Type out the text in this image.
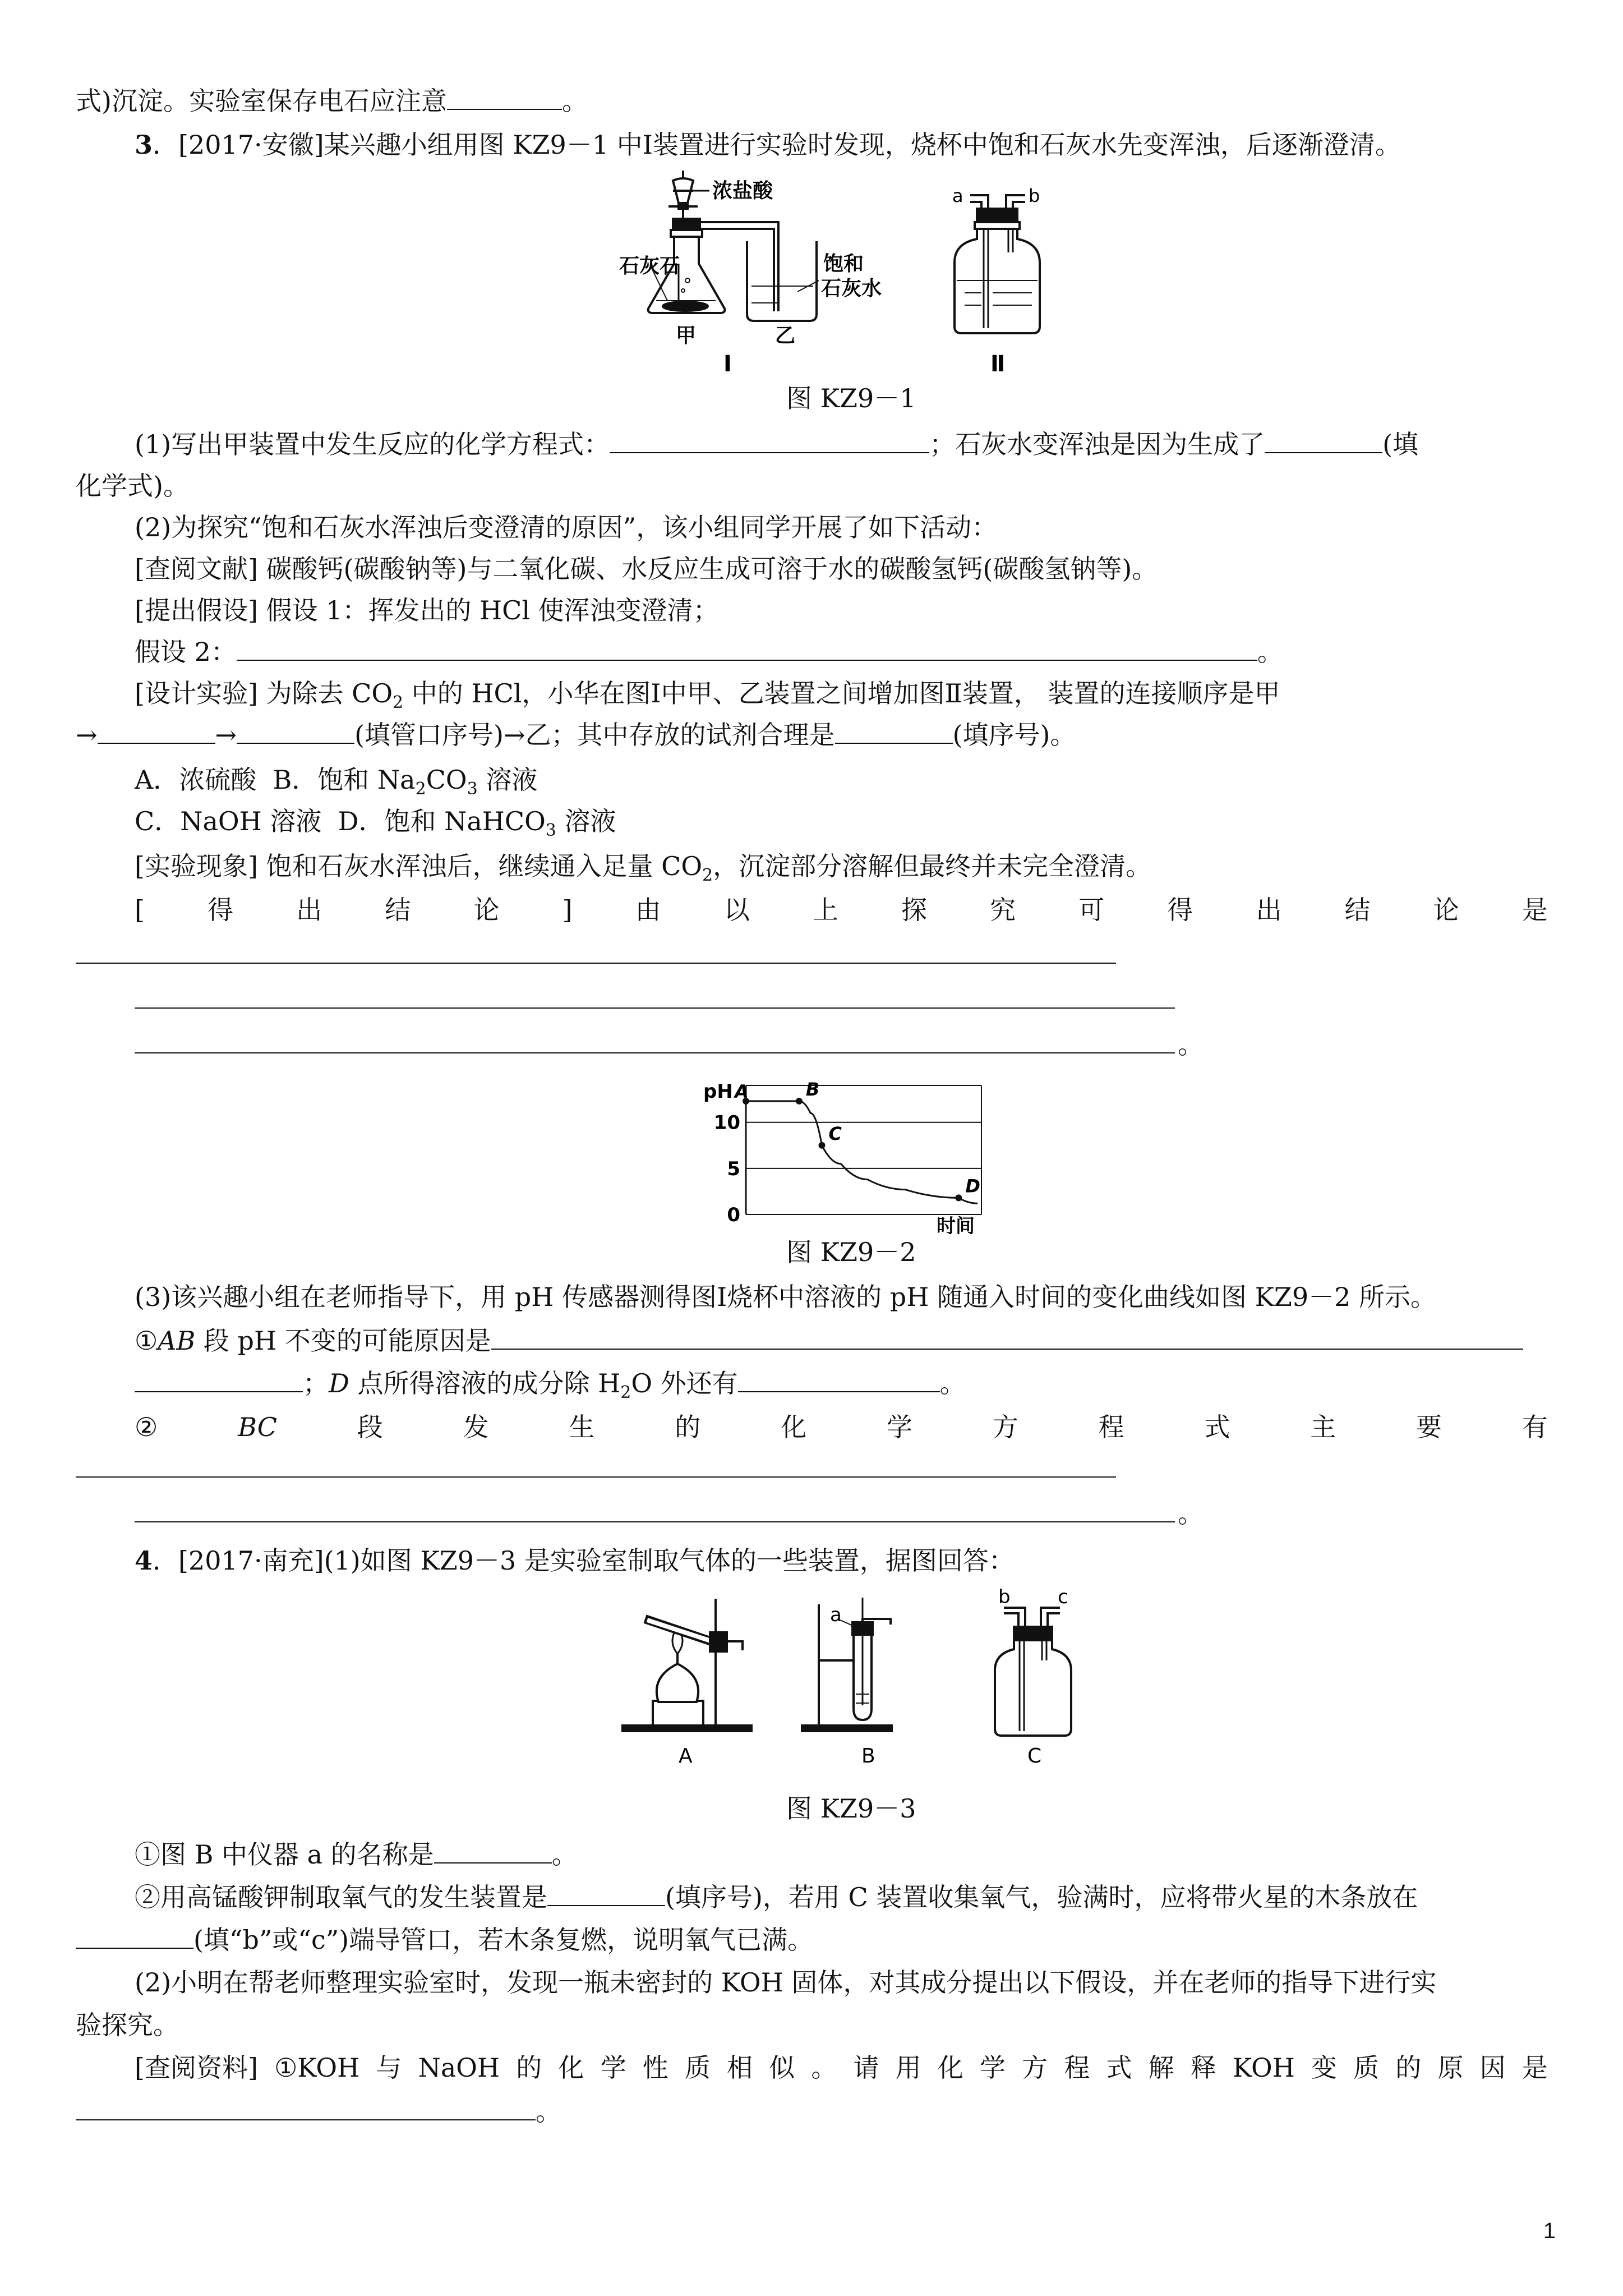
式)沉淀。实验室保存电石应注意	。
3．[2017·安徽]某兴趣小组用图 KZ9－1 中Ⅰ装置进行实验时发现，烧杯中饱和石灰水先变浑浊，后逐渐澄清。
浓盐酸
石灰石	饱和
石灰水
甲	乙
Ⅰ
a	b
Ⅱ
图 KZ9－1
(1)写出甲装置中发生反应的化学方程式：	；石灰水变浑浊是因为生成了	(填
化学式)。
(2)为探究“饱和石灰水浑浊后变澄清的原因”，该小组同学开展了如下活动：
[查阅文献] 碳酸钙(碳酸钠等)与二氧化碳、水反应生成可溶于水的碳酸氢钙(碳酸氢钠等)。
[提出假设] 假设 1：挥发出的 HCl 使浑浊变澄清；
假设 2：	。
[设计实验] 为除去 $CO_2$ 中的 HCl，小华在图Ⅰ中甲、乙装置之间增加图Ⅱ装置， 装置的连接顺序是甲
→	→	(填管口序号)→乙；其中存放的试剂合理是	(填序号)。
A．浓硫酸 B．饱和 $Na_2CO_3$ 溶液
C．NaOH 溶液 D．饱和 NaHCO$_3$ 溶液
[实验现象] 饱和石灰水浑浊后，继续通入足量 $CO_2$，沉淀部分溶解但最终并未完全澄清。
[ 得 出 结 论 ] 由 以 上 探 究 可 得 出 结 论 是
。
0
5
10
A	B
C
D
pH
时间
图 KZ9－2
(3)该兴趣小组在老师指导下，用 pH 传感器测得图Ⅰ烧杯中溶液的 pH 随通入时间的变化曲线如图 KZ9－2 所示。
①AB 段 pH 不变的可能原因是
；D 点所得溶液的成分除 $H_2O$ 外还有	。
②	BC	段	发	生	的	化	学	方	程	式	主	要	有
。
4．[2017·南充](1)如图 KZ9－3 是实验室制取气体的一些装置，据图回答：
A
a
B
b c
C
图 KZ9－3
①图 B 中仪器 a 的名称是	。
②用高锰酸钾制取氧气的发生装置是	(填序号)，若用 C 装置收集氧气，验满时，应将带火星的木条放在
(填“b”或“c”)端导管口，若木条复燃，说明氧气已满。
(2)小明在帮老师整理实验室时，发现一瓶未密封的 KOH 固体，对其成分提出以下假设，并在老师的指导下进行实
验探究。
[查阅资料] ①KOH 与 NaOH 的 化 学 性 质 相 似 。 请 用 化 学 方 程 式 解 释 KOH 变 质 的 原 因 是
。
1
